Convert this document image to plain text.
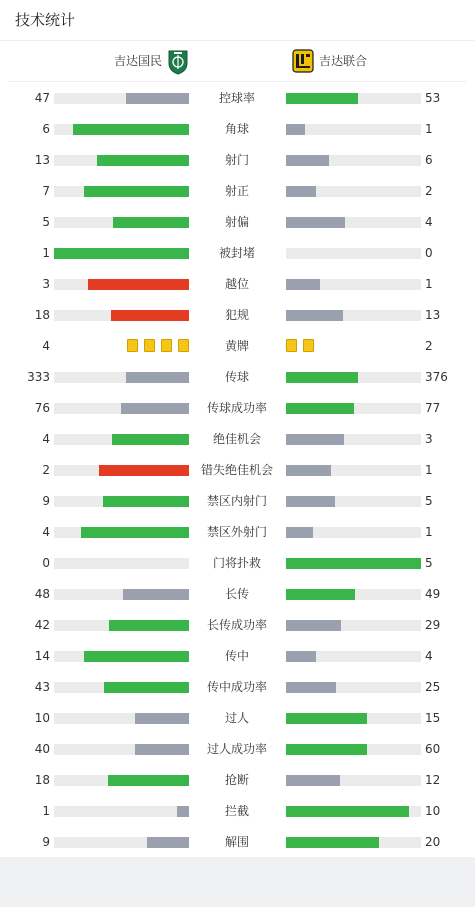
技术统计
吉达国民	吉达联合
47	控球率	53
6	角球	1
13	射门	6
7	射正	2
5	射偏	4
1	被封堵	0
3	越位	1
18	犯规	13
4	黄牌	2
333	传球	376
76	传球成功率	77
4	绝佳机会	3
2	错失绝佳机会	1
9	禁区内射门	5
4	禁区外射门	1
0	门将扑救	5
48	长传	49
42	长传成功率	29
14	传中	4
43	传中成功率	25
10	过人	15
40	过人成功率	60
18	抢断	12
1	拦截	10
9	解围	20
